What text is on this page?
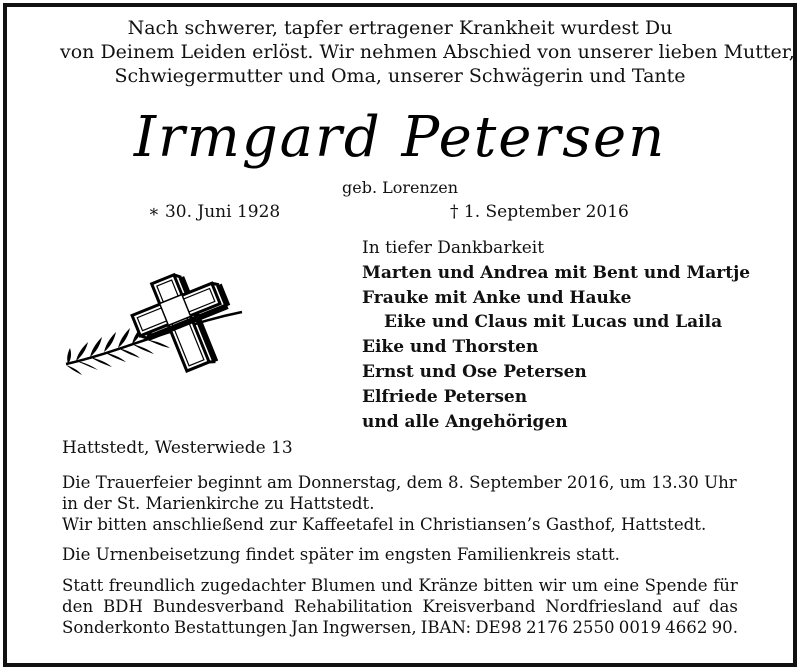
Nach schwerer, tapfer ertragener Krankheit wurdest Du
von Deinem Leiden erlöst. Wir nehmen Abschied von unserer lieben Mutter,
Schwiegermutter und Oma, unserer Schwägerin und Tante
Irmgard Petersen
geb. Lorenzen
∗ 30. Juni 1928	† 1. September 2016
In tiefer Dankbarkeit
Marten und Andrea mit Bent und Martje
Frauke mit Anke und Hauke
Eike und Claus mit Lucas und Laila
Eike und Thorsten
Ernst und Ose Petersen
Elfriede Petersen
und alle Angehörigen
Hattstedt, Westerwiede 13
Die Trauerfeier beginnt am Donnerstag, dem 8. September 2016, um 13.30 Uhr
in der St. Marienkirche zu Hattstedt.
Wir bitten anschließend zur Kaffeetafel in Christiansen’s Gasthof, Hattstedt.
Die Urnenbeisetzung findet später im engsten Familienkreis statt.
Statt freundlich zugedachter Blumen und Kränze bitten wir um eine Spende für
den BDH Bundesverband Rehabilitation Kreisverband Nordfriesland auf das
Sonderkonto Bestattungen Jan Ingwersen, IBAN: DE98 2176 2550 0019 4662 90.
